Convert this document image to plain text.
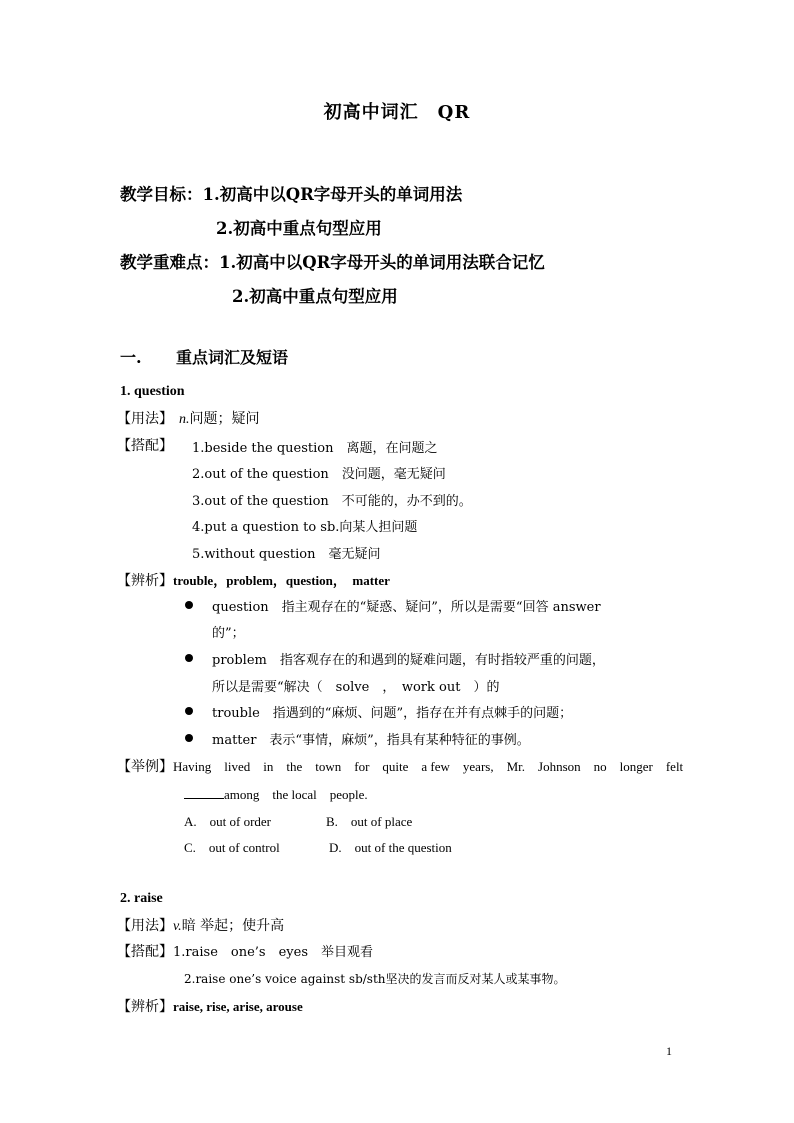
初高中词汇　QR
教学目标：1.初高中以QR字母开头的单词用法
2.初高中重点句型应用
教学重难点：1.初高中以QR字母开头的单词用法联合记忆
2.初高中重点句型应用
一. 重点词汇及短语
1. question
【用法】 n.问题；疑问
【搭配】 1.beside the question　离题，在问题之
2.out of the question　没问题，毫无疑问
3.out of the question　不可能的，办不到的。
4.put a question to sb.向某人担问题
5.without question　毫无疑问
【辨析】trouble，problem，question，　matter
question　指主观存在的“疑惑、疑问”，所以是需要“回答 answer
的”；
problem　指客观存在的和遇到的疑难问题，有时指较严重的问题，
所以是需要“解决（　solve　，　work out　）的
trouble　指遇到的“麻烦、问题”，指存在并有点棘手的问题；
matter　表示“事情，麻烦”，指具有某种特征的事例。
【举例】Having　lived　in　the　town　for　quite　a few　years,　Mr.　Johnson　no　longer　felt
among　the local　people.
A.　out of order	B.　out of place
C.　out of control	D.　out of the question
2. raise
【用法】v.暗 举起；使升高
【搭配】1.raise　one’s　eyes　举目观看
2.raise one’s voice against sb/sth坚决的发言而反对某人或某事物。
【辨析】raise, rise, arise, arouse
1
